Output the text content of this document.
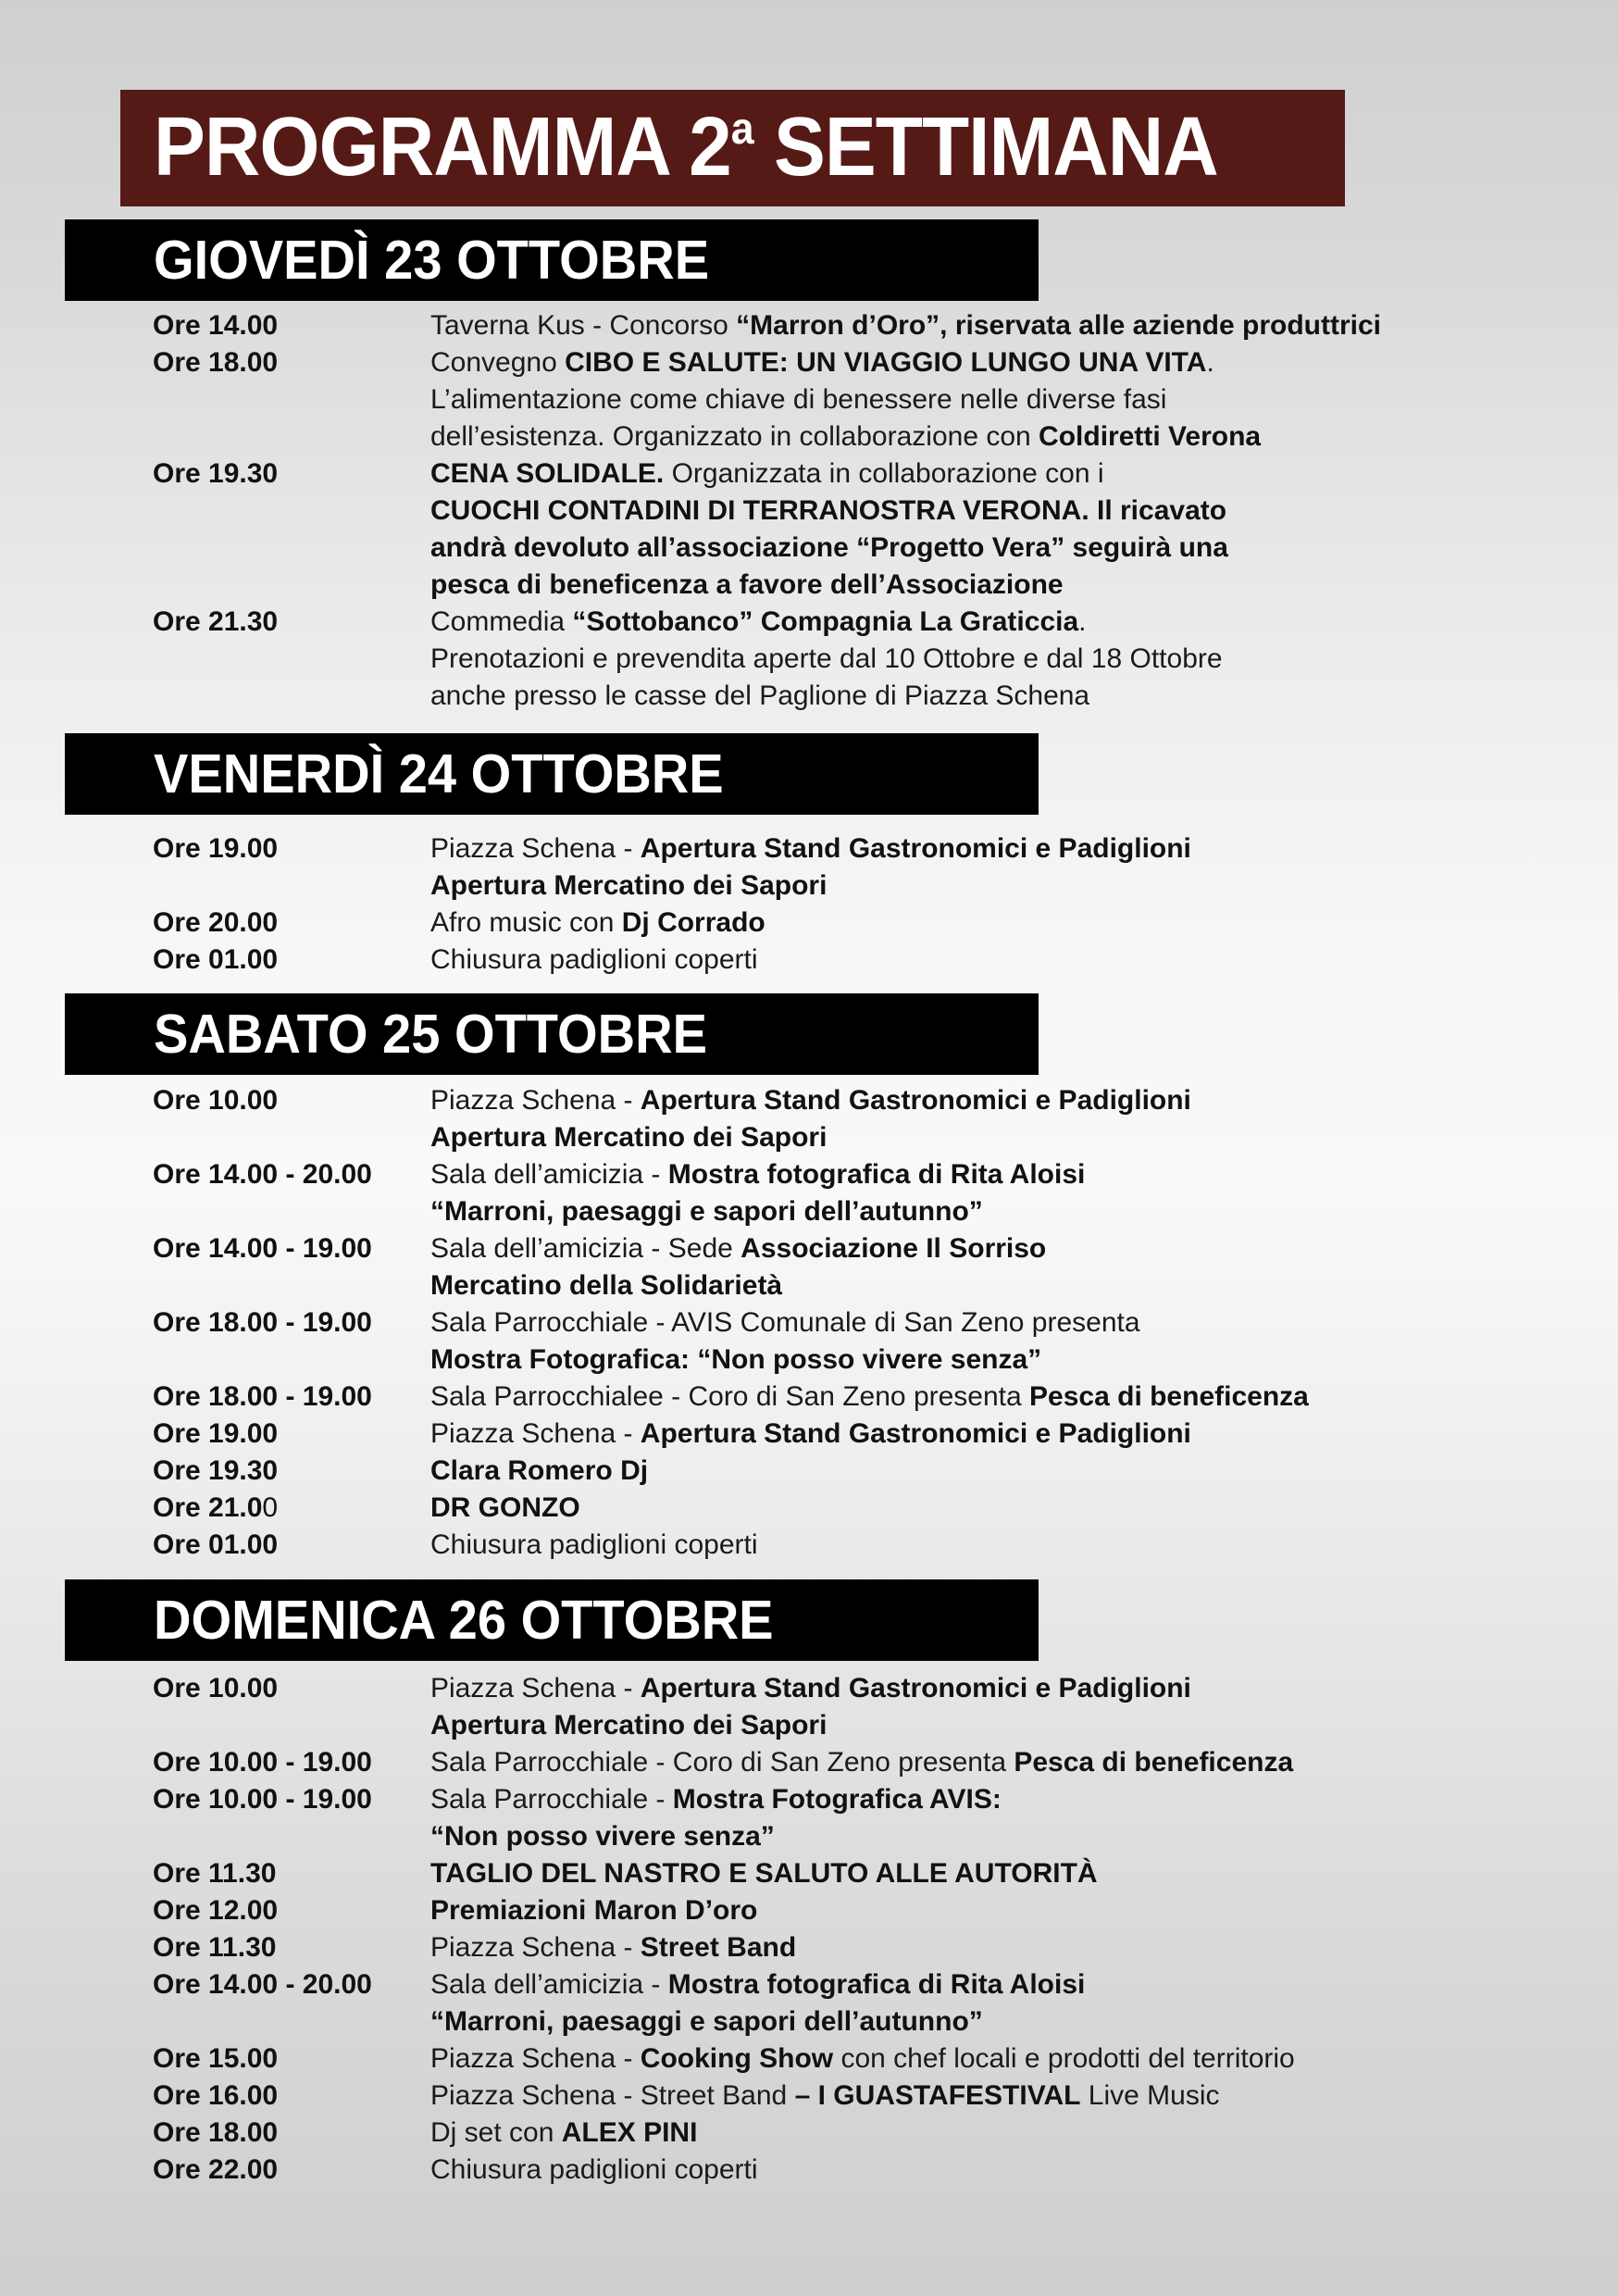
PROGRAMMA 2$^a$ SETTIMANA
GIOVEDÌ 23 OTTOBRE
Ore 14.00	Taverna Kus - Concorso “Marron d’Oro”, riservata alle aziende produttrici
Ore 18.00	Convegno CIBO E SALUTE: UN VIAGGIO LUNGO UNA VITA.
L’alimentazione come chiave di benessere nelle diverse fasi
dell’esistenza. Organizzato in collaborazione con Coldiretti Verona
Ore 19.30	CENA SOLIDALE. Organizzata in collaborazione con i
CUOCHI CONTADINI DI TERRANOSTRA VERONA. Il ricavato
andrà devoluto all’associazione “Progetto Vera” seguirà una
pesca di beneficenza a favore dell’Associazione
Ore 21.30	Commedia “Sottobanco” Compagnia La Graticcia.
Prenotazioni e prevendita aperte dal 10 Ottobre e dal 18 Ottobre
anche presso le casse del Paglione di Piazza Schena
VENERDÌ 24 OTTOBRE
Ore 19.00	Piazza Schena - Apertura Stand Gastronomici e Padiglioni
Apertura Mercatino dei Sapori
Ore 20.00	Afro music con Dj Corrado
Ore 01.00	Chiusura padiglioni coperti
SABATO 25 OTTOBRE
Ore 10.00	Piazza Schena - Apertura Stand Gastronomici e Padiglioni
Apertura Mercatino dei Sapori
Ore 14.00 - 20.00 Sala dell’amicizia - Mostra fotografica di Rita Aloisi
“Marroni, paesaggi e sapori dell’autunno”
Ore 14.00 - 19.00 Sala dell’amicizia - Sede Associazione Il Sorriso
Mercatino della Solidarietà
Ore 18.00 - 19.00 Sala Parrocchiale - AVIS Comunale di San Zeno presenta
Mostra Fotografica: “Non posso vivere senza”
Ore 18.00 - 19.00 Sala Parrocchialee - Coro di San Zeno presenta Pesca di beneficenza
Ore 19.00	Piazza Schena - Apertura Stand Gastronomici e Padiglioni
Ore 19.30	Clara Romero Dj
Ore 21.00	DR GONZO
Ore 01.00	Chiusura padiglioni coperti
DOMENICA 26 OTTOBRE
Ore 10.00	Piazza Schena - Apertura Stand Gastronomici e Padiglioni
Apertura Mercatino dei Sapori
Ore 10.00 - 19.00 Sala Parrocchiale - Coro di San Zeno presenta Pesca di beneficenza
Ore 10.00 - 19.00 Sala Parrocchiale - Mostra Fotografica AVIS:
“Non posso vivere senza”
Ore 11.30	TAGLIO DEL NASTRO E SALUTO ALLE AUTORITÀ
Ore 12.00	Premiazioni Maron D’oro
Ore 11.30	Piazza Schena - Street Band
Ore 14.00 - 20.00 Sala dell’amicizia - Mostra fotografica di Rita Aloisi
“Marroni, paesaggi e sapori dell’autunno”
Ore 15.00	Piazza Schena - Cooking Show con chef locali e prodotti del territorio
Ore 16.00	Piazza Schena - Street Band – I GUASTAFESTIVAL Live Music
Ore 18.00	Dj set con ALEX PINI
Ore 22.00	Chiusura padiglioni coperti
